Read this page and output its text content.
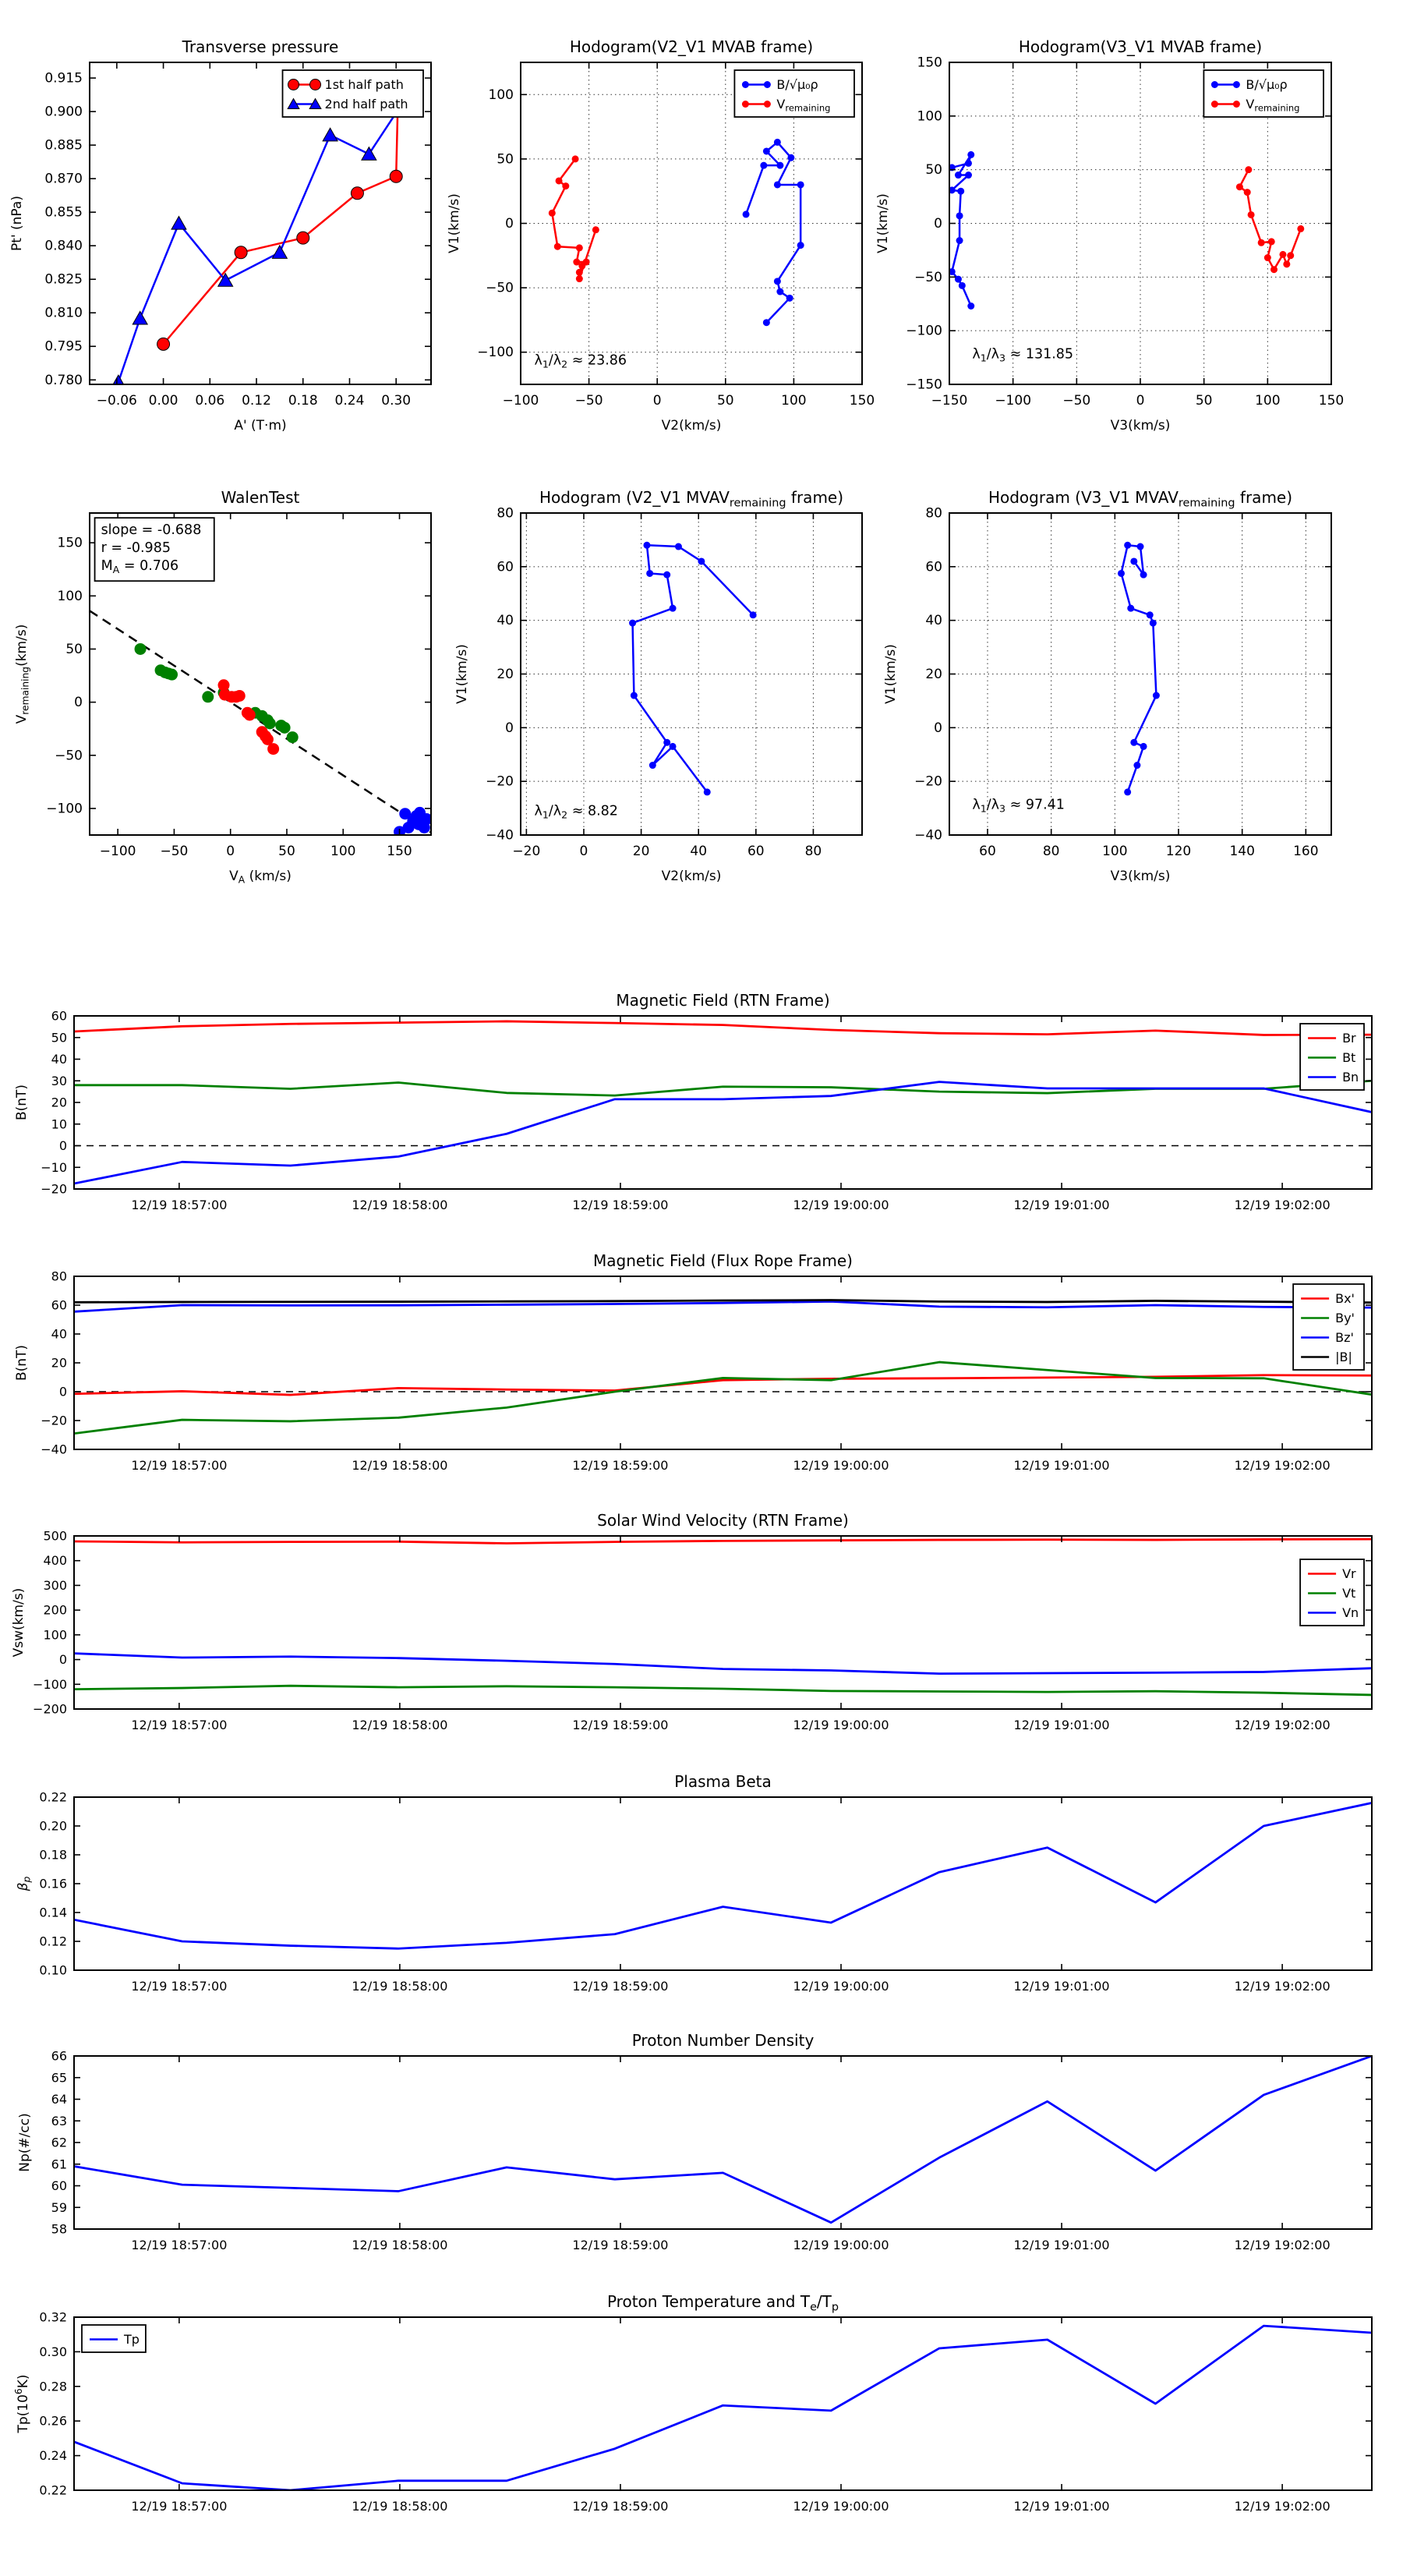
−0.06 0.00 0.06 0.12 0.18 0.24 0.30
0.780
0.795
0.810
0.825
0.840
0.855
0.870
0.885
0.900
0.915
Transverse pressure
A' (T·m)
Pt' (nPa)
1st half path
2nd half path
−100	−50	0	50	100	150
−100
−50
0
50
100
Hodogram(V2_V1 MVAB frame)
V2(km/s)
V1(km/s)
B/√μ₀ρ
$V_{remaining}$
$\lambda_1/\lambda_2 \approx 23.86$
−150 −100 −50	0	50	100	150
−150
−100
−50
0
50
100
150
Hodogram(V3_V1 MVAB frame)
V3(km/s)
V1(km/s)
B/√μ₀ρ
$V_{remaining}$
$\lambda_1/\lambda_3 \approx 131.85$
−100 −50	0	50	100 150
−100
−50
0
50
100
150
WalenTest
$V_A$ (km/s)
$V_{remaining}(km/s)$
slope = -0.688
r = -0.985
$M_A = 0.706$
−20	0	20	40	60	80
−40
−20
0
20
40
60
80
Hodogram (V2_V1 $MVAV_{remaining}$ frame)
V2(km/s)
V1(km/s)
$\lambda_1/\lambda_2 \approx 8.82$
60	80	100	120	140	160
−40
−20
0
20
40
60
80
Hodogram (V3_V1 $MVAV_{remaining}$ frame)
V3(km/s)
V1(km/s)
$\lambda_1/\lambda_3 \approx 97.41$
12/19 18:57:00	12/19 18:58:00	12/19 18:59:00	12/19 19:00:00	12/19 19:01:00	12/19 19:02:00
−20
−10
0
10
20
30
40
50
60
Magnetic Field (RTN Frame)
B(nT)
Br
Bt
Bn
12/19 18:57:00	12/19 18:58:00	12/19 18:59:00	12/19 19:00:00	12/19 19:01:00	12/19 19:02:00
−40
−20
0
20
40
60
80
Magnetic Field (Flux Rope Frame)
B(nT)
Bx'
By'
Bz'
|B|
12/19 18:57:00	12/19 18:58:00	12/19 18:59:00	12/19 19:00:00	12/19 19:01:00	12/19 19:02:00
−200
−100
0
100
200
300
400
500
Solar Wind Velocity (RTN Frame)
Vsw(km/s)
Vr
Vt
Vn
12/19 18:57:00	12/19 18:58:00	12/19 18:59:00	12/19 19:00:00	12/19 19:01:00	12/19 19:02:00
0.10
0.12
0.14
0.16
0.18
0.20
0.22
Plasma Beta
$\beta_p$
12/19 18:57:00	12/19 18:58:00	12/19 18:59:00	12/19 19:00:00	12/19 19:01:00	12/19 19:02:00
58
59
60
61
62
63
64
65
66
Proton Number Density
Np(#/cc)
12/19 18:57:00	12/19 18:58:00	12/19 18:59:00	12/19 19:00:00	12/19 19:01:00	12/19 19:02:00
0.22
0.24
0.26
0.28
0.30
0.32
Proton Temperature and $T_e/T_p$
$Tp(10^6K)$
Tp
